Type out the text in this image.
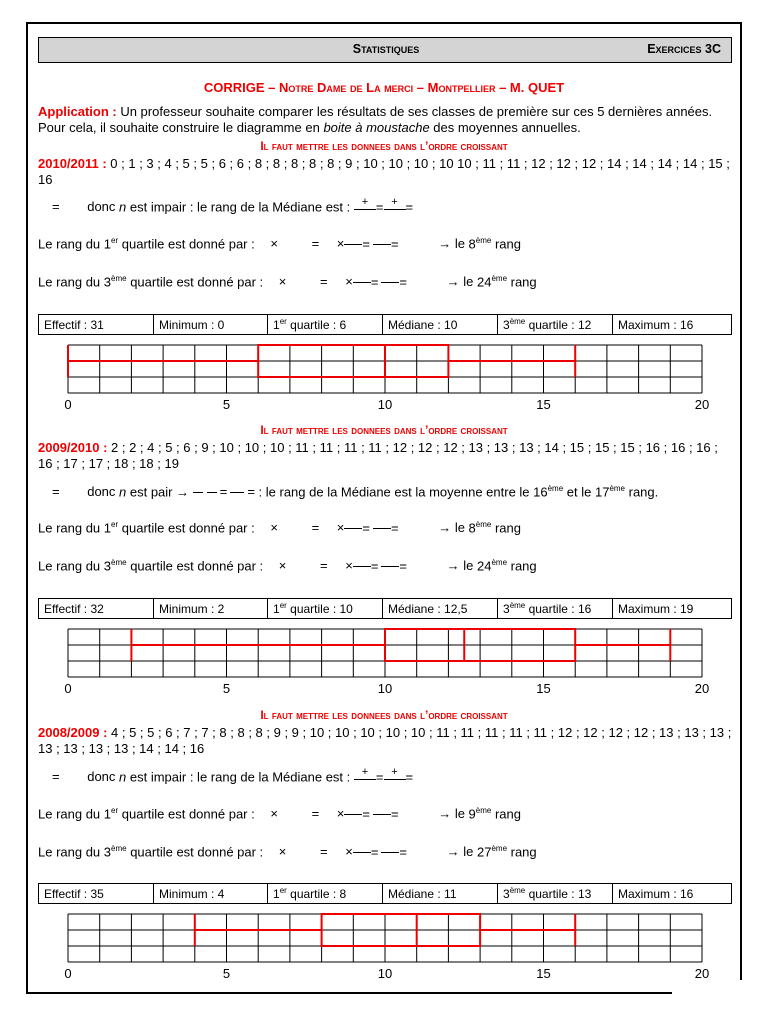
Statistiques	Exercices 3C
CORRIGE – Notre Dame de La merci – Montpellier – M. QUET
Application : Un professeur souhaite comparer les résultats de ses classes de première sur ces 5 dernières années. Pour cela, il souhaite construire le diagramme en boite à moustache des moyennes annuelles.
Il faut mettre les donnees dans l’ordre croissant
2010/2011 : 0 ; 1 ; 3 ; 4 ; 5 ; 5 ; 6 ; 6 ; 8 ; 8 ; 8 ; 8 ; 8 ; 9 ; 10 ; 10 ; 10 ; 10 10 ; 11 ; 11 ; 12 ; 12 ; 12 ; 14 ; 14 ; 14 ; 14 ; 15 ; 16
= donc n est impair : le rang de la Médiane est :	+ = + =
Le rang du 1er quartile est donné par : ×	= × = =	→ le 8ème rang
Le rang du 3ème quartile est donné par : ×	= × = =	→ le 24ème rang
Effectif : 31	Minimum : 0	1er quartile : 6	Médiane : 10	3ème quartile : 12	Maximum : 16
0	5	10	15	20
Il faut mettre les donnees dans l’ordre croissant
2009/2010 : 2 ; 2 ; 4 ; 5 ; 6 ; 9 ; 10 ; 10 ; 10 ; 11 ; 11 ; 11 ; 11 ; 12 ; 12 ; 12 ; 13 ; 13 ; 13 ; 14 ; 15 ; 15 ; 15 ; 16 ; 16 ; 16 ; 16 ; 17 ; 17 ; 18 ; 18 ; 19
= donc n est pair → = = : le rang de la Médiane est la moyenne entre le 16ème et le 17ème rang.
Le rang du 1er quartile est donné par : ×	= × = =	→ le 8ème rang
Le rang du 3ème quartile est donné par : ×	= × = =	→ le 24ème rang
Effectif : 32	Minimum : 2	1er quartile : 10	Médiane : 12,5	3ème quartile : 16	Maximum : 19
0	5	10	15	20
Il faut mettre les donnees dans l’ordre croissant
2008/2009 : 4 ; 5 ; 5 ; 6 ; 7 ; 7 ; 8 ; 8 ; 8 ; 9 ; 9 ; 10 ; 10 ; 10 ; 10 ; 10 ; 11 ; 11 ; 11 ; 11 ; 11 ; 12 ; 12 ; 12 ; 12 ; 13 ; 13 ; 13 ; 13 ; 13 ; 13 ; 13 ; 14 ; 14 ; 16
= donc n est impair : le rang de la Médiane est :	+ = + =
Le rang du 1er quartile est donné par : ×	= × = =	→ le 9ème rang
Le rang du 3ème quartile est donné par : ×	= × = =	→ le 27ème rang
Effectif : 35	Minimum : 4	1er quartile : 8	Médiane : 11	3ème quartile : 13	Maximum : 16
0	5	10	15	20
